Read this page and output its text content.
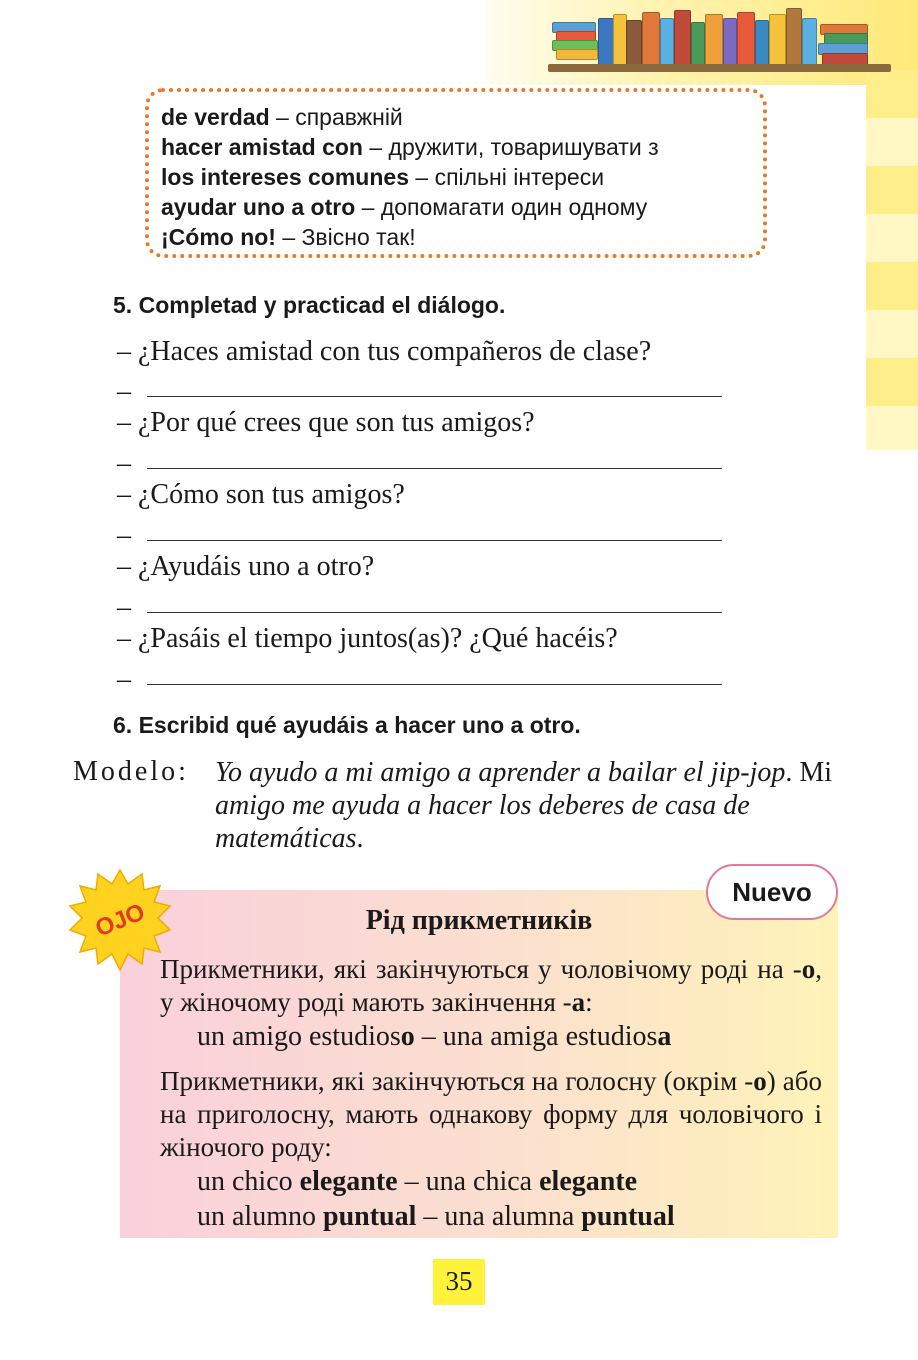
de verdad – справжній
hacer amistad con – дружити, товаришувати з
los intereses comunes – спільні інтереси
ayudar uno a otro – допомагати один одному
¡Cómo no! – Звісно так!
5. Completad y practicad el diálogo.
– ¿Haces amistad con tus compañeros de clase?
–
– ¿Por qué crees que son tus amigos?
–
– ¿Cómo son tus amigos?
–
– ¿Ayudáis uno a otro?
–
– ¿Pasáis el tiempo juntos(as)? ¿Qué hacéis?
–
6. Escribid qué ayudáis a hacer uno a otro.
Modelo: Yo ayudo a mi amigo a aprender a bailar el jip-jop. Mi amigo me ayuda a hacer los deberes de casa de matemáticas.
OJO
Nuevo
Рід прикметників
Прикметники, які закінчуються у чоловічому роді на -о, у жіночому роді мають закінчення -а:
un amigo estudioso – una amiga estudiosa
Прикметники, які закінчуються на голосну (окрім -о) або на приголосну, мають однакову форму для чоловічого і жіночого роду:
un chico elegante – una chica elegante
un alumno puntual – una alumna puntual
35
